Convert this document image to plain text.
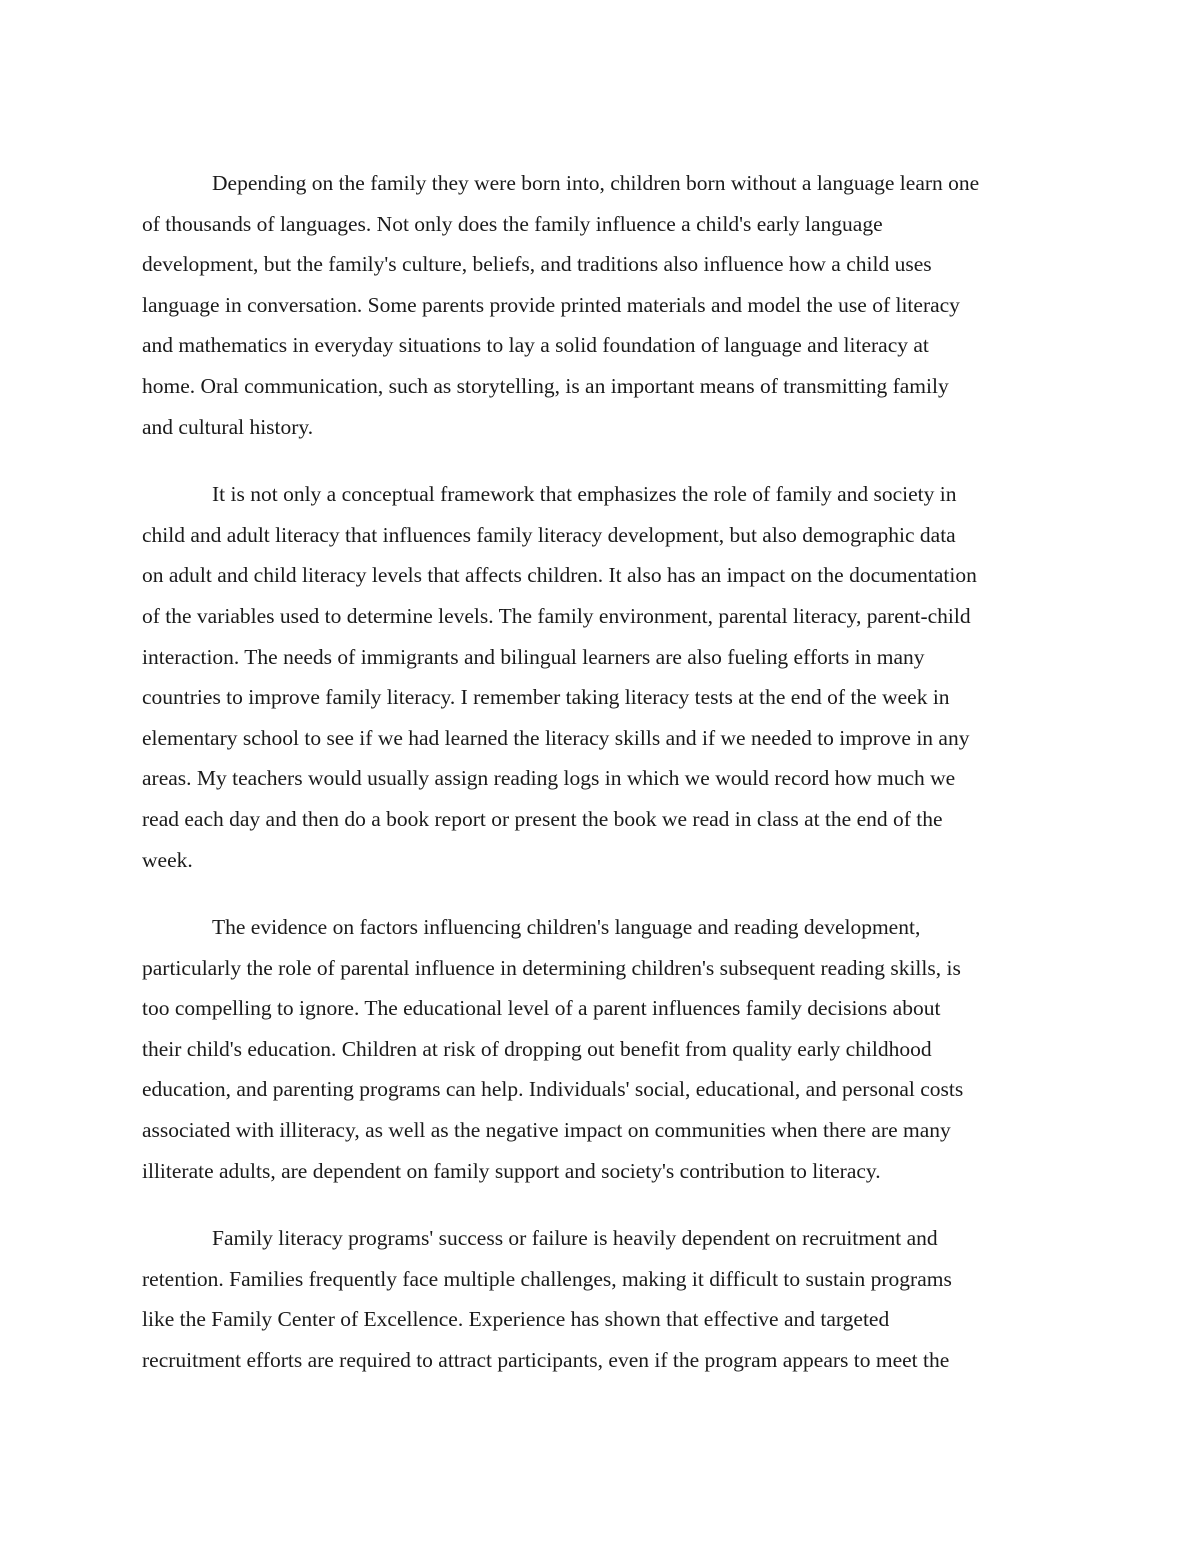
Depending on the family they were born into, children born without a language learn one
of thousands of languages. Not only does the family influence a child's early language
development, but the family's culture, beliefs, and traditions also influence how a child uses
language in conversation. Some parents provide printed materials and model the use of literacy
and mathematics in everyday situations to lay a solid foundation of language and literacy at
home. Oral communication, such as storytelling, is an important means of transmitting family
and cultural history.
It is not only a conceptual framework that emphasizes the role of family and society in
child and adult literacy that influences family literacy development, but also demographic data
on adult and child literacy levels that affects children. It also has an impact on the documentation
of the variables used to determine levels. The family environment, parental literacy, parent-child
interaction. The needs of immigrants and bilingual learners are also fueling efforts in many
countries to improve family literacy. I remember taking literacy tests at the end of the week in
elementary school to see if we had learned the literacy skills and if we needed to improve in any
areas. My teachers would usually assign reading logs in which we would record how much we
read each day and then do a book report or present the book we read in class at the end of the
week.
The evidence on factors influencing children's language and reading development,
particularly the role of parental influence in determining children's subsequent reading skills, is
too compelling to ignore. The educational level of a parent influences family decisions about
their child's education. Children at risk of dropping out benefit from quality early childhood
education, and parenting programs can help. Individuals' social, educational, and personal costs
associated with illiteracy, as well as the negative impact on communities when there are many
illiterate adults, are dependent on family support and society's contribution to literacy.
Family literacy programs' success or failure is heavily dependent on recruitment and
retention. Families frequently face multiple challenges, making it difficult to sustain programs
like the Family Center of Excellence. Experience has shown that effective and targeted
recruitment efforts are required to attract participants, even if the program appears to meet the
